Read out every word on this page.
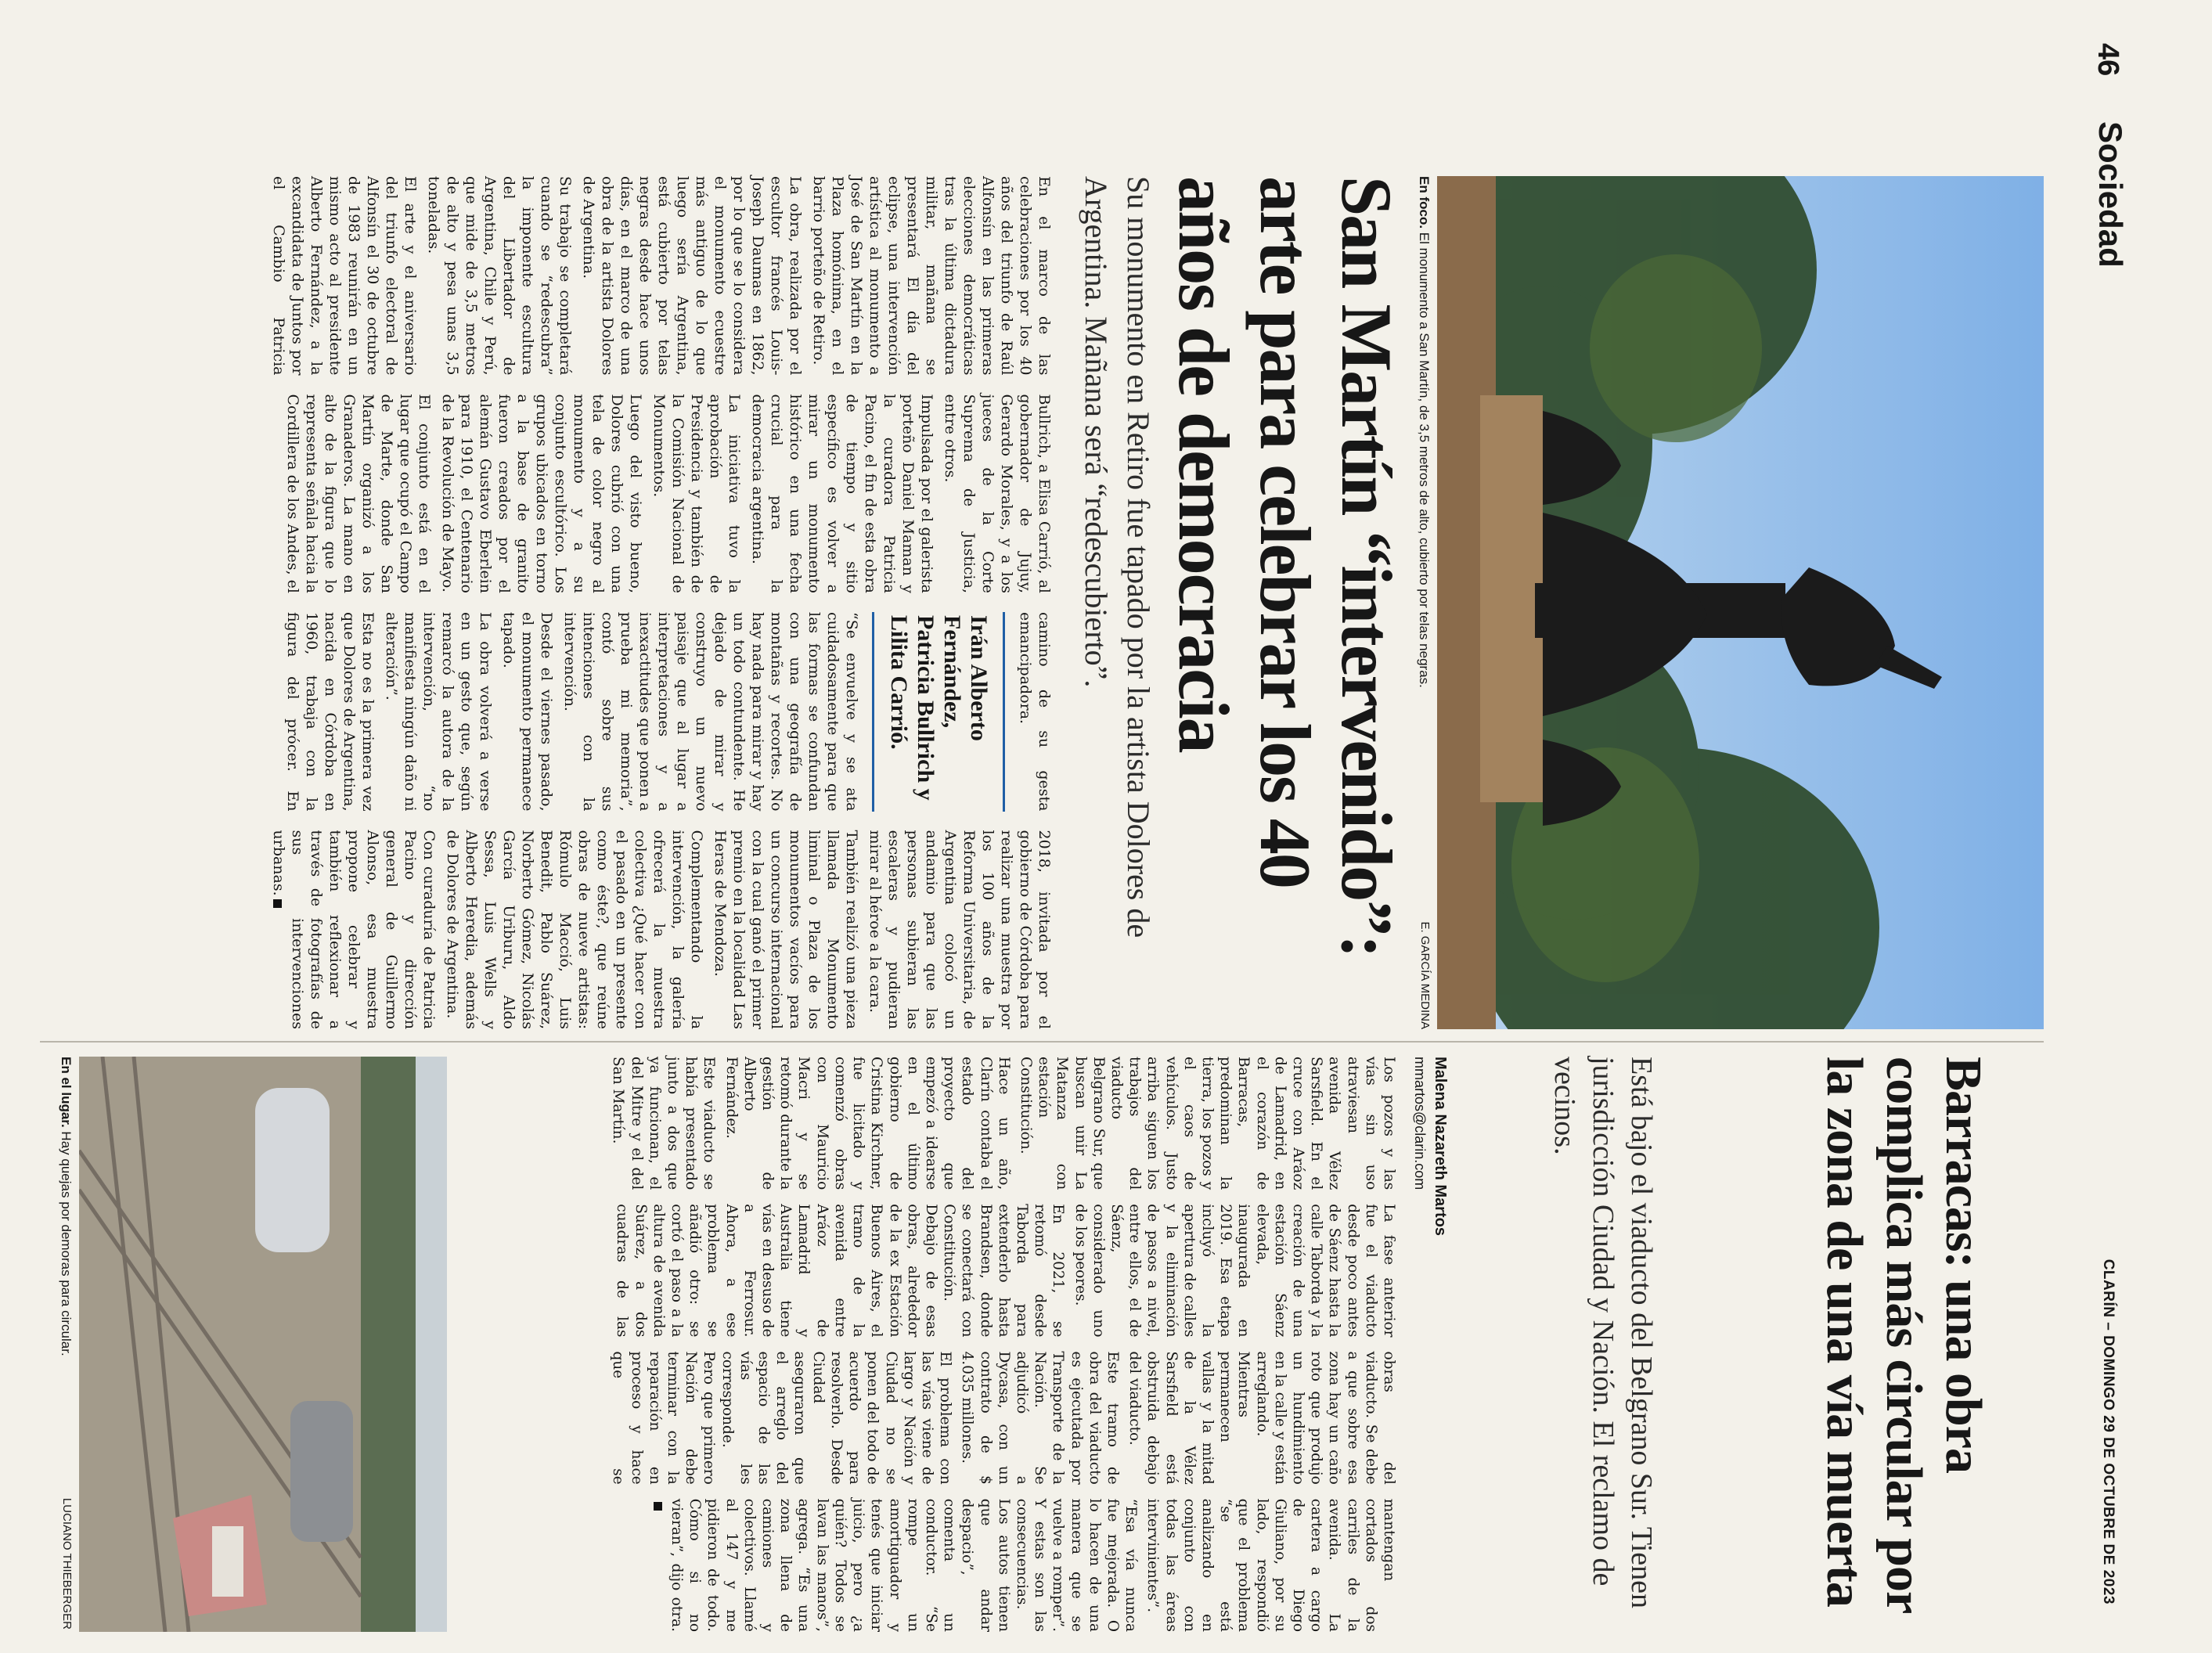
46
Sociedad
CLARÍN – DOMINGO 29 DE OCTUBRE DE 2023
En foco. El monumento a San Martín, de 3,5 metros de alto, cubierto por telas negras.
E. GARCÍA MEDINA
San Martín “intervenido”: arte para celebrar los 40 años de democracia
Su monumento en Retiro fue tapado por la artista Dolores de Argentina. Mañana será “redescubierto”.

En el marco de las celebraciones por los 40 años del triunfo de Raúl Alfonsín en las primeras elecciones democráticas tras la última dictadura militar, mañana se presentará El día del eclipse, una intervención artística al monumento a José de San Martín en la Plaza homónima, en el barrio porteño de Retiro.

La obra, realizada por el escultor francés Louis-Joseph Daumas en 1862, por lo que se lo considera el monumento ecuestre más antiguo de lo que luego sería Argentina, está cubierto por telas negras desde hace unos días, en el marco de una obra de la artista Dolores de Argentina.

Su trabajo se completará cuando se “redescubra” la imponente escultura del Libertador de Argentina, Chile y Perú, que mide de 3,5 metros de alto y pesa unas 3,5 toneladas.

El arte y el aniversario del triunfo electoral de Alfonsín el 30 de octubre de 1983 reunirán en un mismo acto al presidente Alberto Fernández, a la excandidata de Juntos por el Cambio Patricia Bullrich, a Elisa Carrió, al gobernador de Jujuy, Gerardo Morales, y a los jueces de la Corte Suprema de Justicia, entre otros.

Impulsada por el galerista porteño Daniel Maman y la curadora Patricia Pacino, el fin de esta obra de tiempo y sitio específico es volver a mirar un monumento histórico en una fecha crucial para la democracia argentina.

La iniciativa tuvo la aprobación de Presidencia y también de la Comisión Nacional de Monumentos.

Luego del visto bueno, Dolores cubrió con una tela de color negro al monumento y a su conjunto escultórico. Los grupos ubicados en torno a la base de granito fueron creados por el alemán Gustavo Eberlein para 1910, el Centenario de la Revolución de Mayo.

El conjunto está en el lugar que ocupó el Campo de Marte, donde San Martín organizó a los Granaderos. La mano en alto de la figura que lo representa señala hacia la Cordillera de los Andes, el camino de su gesta emancipadora.

Irán Alberto Fernández, Patricia Bullrich y Lilita Carrió.

“Se envuelve y se ata cuidadosamente para que las formas se confundan con una geografía de montañas y recortes. No hay nada para mirar y hay un todo contundente. He dejado de mirar y construyo un nuevo paisaje que al lugar a interpretaciones y a inexactitudes que ponen a prueba mi memoria”, contó sobre sus intenciones con la intervención.

Desde el viernes pasado, el monumento permanece tapado.

La obra volverá a verse en un gesto que, según remarcó la autora de la intervención, “no manifiesta ningún daño ni alteración”.

Esta no es la primera vez que Dolores de Argentina, nacida en Córdoba en 1960, trabaja con la figura del prócer. En 2018, invitada por el gobierno de Córdoba para realizar una muestra por los 100 años de la Reforma Universitaria, de Argentina colocó un andamio para que las personas subieran las escaleras y pudieran mirar al héroe a la cara.

También realizó una pieza llamada Monumento liminal o Plaza de los monumentos vacíos para un concurso internacional con la cual ganó el primer premio en la localidad Las Heras de Mendoza.

Complementando la intervención, la galería ofrecerá la muestra colectiva ¿Qué hacer con el pasado en un presente como éste?, que reúne obras de nueve artistas: Rómulo Macció, Luis Benedit, Pablo Suárez, Norberto Gómez, Nicolás García Uriburu, Aldo Sessa, Luis Wells y Alberto Heredia, además de Dolores de Argentina.

Con curaduría de Patricia Pacino y dirección general de Guillermo Alonso, esa muestra propone celebrar y también reflexionar a través de fotografías de sus intervenciones urbanas.

Barracas: una obra complica más circular por la zona de una vía muerta
Está bajo el viaducto del Belgrano Sur. Tienen jurisdicción Ciudad y Nación. El reclamo de vecinos.
Malena Nazareth Martos
mmartos@clarin.com

Los pozos y las vías sin uso atraviesan avenida Vélez Sarsfield. En el cruce con Aráoz de Lamadrid, en el corazón de Barracas, predominan la tierra, los pozos y el caos de vehículos. Justo arriba siguen los trabajos del viaducto Belgrano Sur, que buscan unir La Matanza con estación Constitución.

Hace un año, Clarín contaba el estado del proyecto que empezó a idearse en el último gobierno de Cristina Kirchner, fue licitado y comenzó obras con Mauricio Macri y se retomó durante la gestión de Alberto Fernández.

Este viaducto se había presentado junto a dos que ya funcionan, el del Mitre y el del San Martín.

La fase anterior fue el viaducto desde poco antes de Sáenz hasta la calle Taborda y la creación de una estación Sáenz elevada, inaugurada en 2019. Esa etapa incluyó la apertura de calles y la eliminación de pasos a nivel, entre ellos, el de Sáenz, considerado uno de los peores.

En 2021, se retomó desde Taborda para extenderlo hasta Brandsen, donde se conectará con Constitución. Debajo de esas obras, alrededor de la ex Estación Buenos Aires, el tramo de la avenida entre Aráoz de Lamadrid y Australia tiene vías en desuso de a Ferrosur. Ahora, a ese problema se añadió otro: se cortó el paso a la altura de avenida Suárez, a dos cuadras de las obras del viaducto. Se debe a que sobre esa zona hay un caño roto que produjo un hundimiento en la calle y están arreglando. Mientras permanecen vallas y la mitad de la Vélez Sarsfield está obstruida debajo del viaducto.

Este tramo de obra del viaducto es ejecutada por Transporte de la Nación. Se adjudicó a Dycasa, con un contrato de $ 4.035 millones.

El problema con las vías viene de largo y Nación y Ciudad no se ponen del todo de acuerdo para resolverlo. Desde Ciudad aseguraron que el arreglo del espacio de las vías les corresponde. Pero que primero Nación debe terminar con la reparación en proceso y hace que se mantengan cortados dos carriles de la avenida. La cartera a cargo de Diego Giuliano, por su lado, respondió que el problema “se está analizando en conjunto con todas las áreas intervinientes”.

“Esa vía nunca fue mejorada. O lo hacen de una manera que se vuelve a romper”. Y estas son las consecuencias. Los autos tienen que andar despacio”, comenta un conductor. “Se rompe un amortiguador y tenés que iniciar juicio, pero ¿a quién? Todos se lavan las manos”, agrega. “Es una zona llena de camiones y colectivos. Llamé al 147 y me pidieron de todo. Cómo si no vieran”, dijo otra.

En el lugar. Hay quejas por demoras para circular.
LUCIANO THIEBERGER
